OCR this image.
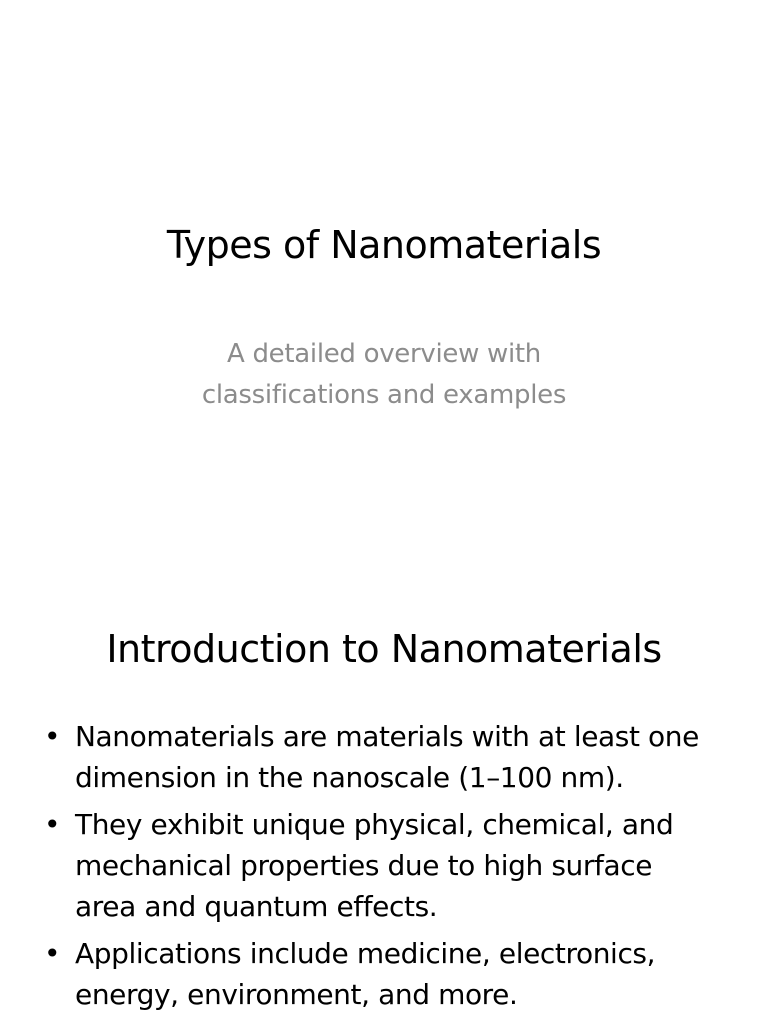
Types of Nanomaterials
A detailed overview with
classifications and examples
Introduction to Nanomaterials
• Nanomaterials are materials with at least one
dimension in the nanoscale (1–100 nm).
• They exhibit unique physical, chemical, and
mechanical properties due to high surface
area and quantum effects.
• Applications include medicine, electronics,
energy, environment, and more.
